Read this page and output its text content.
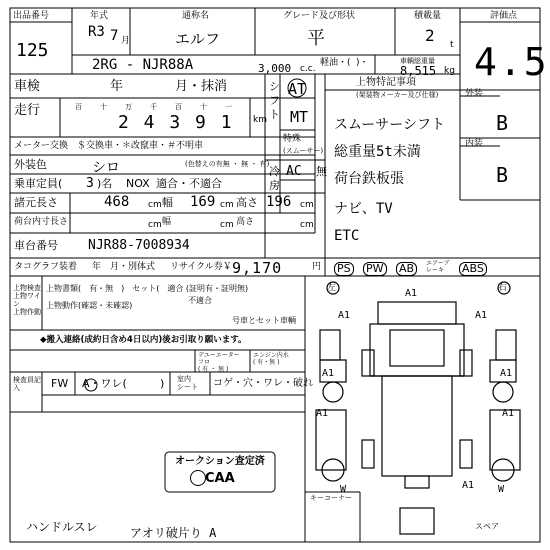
出品番号
125
年式
R3 7 月
通称名
エルフ
グレード及び形状
平
積載量
2 t
評価点
4.5
2RG - NJR88A	3,000 c.c.
軽油・( )・	車輌総重量
8,515 kg
車検	年	月・抹消
走行	百	十	万	千	百	十	一
2 4 3 9 1 km
メーター交換　＄交換車・＊改竄車・＃不明車
外装色	シロ	(色替えの有無 ・ 無 ・ 有)
乗車定員( 3 )名 NOX 適合・不適合
諸元長さ	468 cm 幅 169 cm 高さ 196 cm
荷台内寸長さ	cm 幅	cm 高さ	cm
車台番号 NJR88-7008934
タコグラフ装着 年　月・別体式 リサイクル券￥ 9,170	円
シフト
AT
MT
特殊
(スムーサー)
冷房
AC 無
上物特記事項
(架装物メーカー及び仕様)
スムーサーシフト
総重量5t未満
荷台鉄板張
ナビ、TV
ETC
外装
B
内装
B
PS PW AB	エアーブレーキ	ABS
上物検査
上物ワイン
上物作動
上物書類(　有・無　)　セット(　適合 (証明有・証明無)
不適合
上物動作(確認・未確認)
号車とセット車輌
◆搬入連絡(成約日含め4日以内)後お引取り願います。
デユーエーター
フロ
( 有 ・ 無 )
エンジン内水
( 有・無 )
検査員記入	FW A・ワレ(	) 室内
シート	コゲ・穴・ワレ・破れ
オークション査定済
CAA
ハンドルスレ	アオリ破片り A
キーコーナー
左	右
スペア
A1
A1	A1
A1	A1
A1	A1
A1
W	W
